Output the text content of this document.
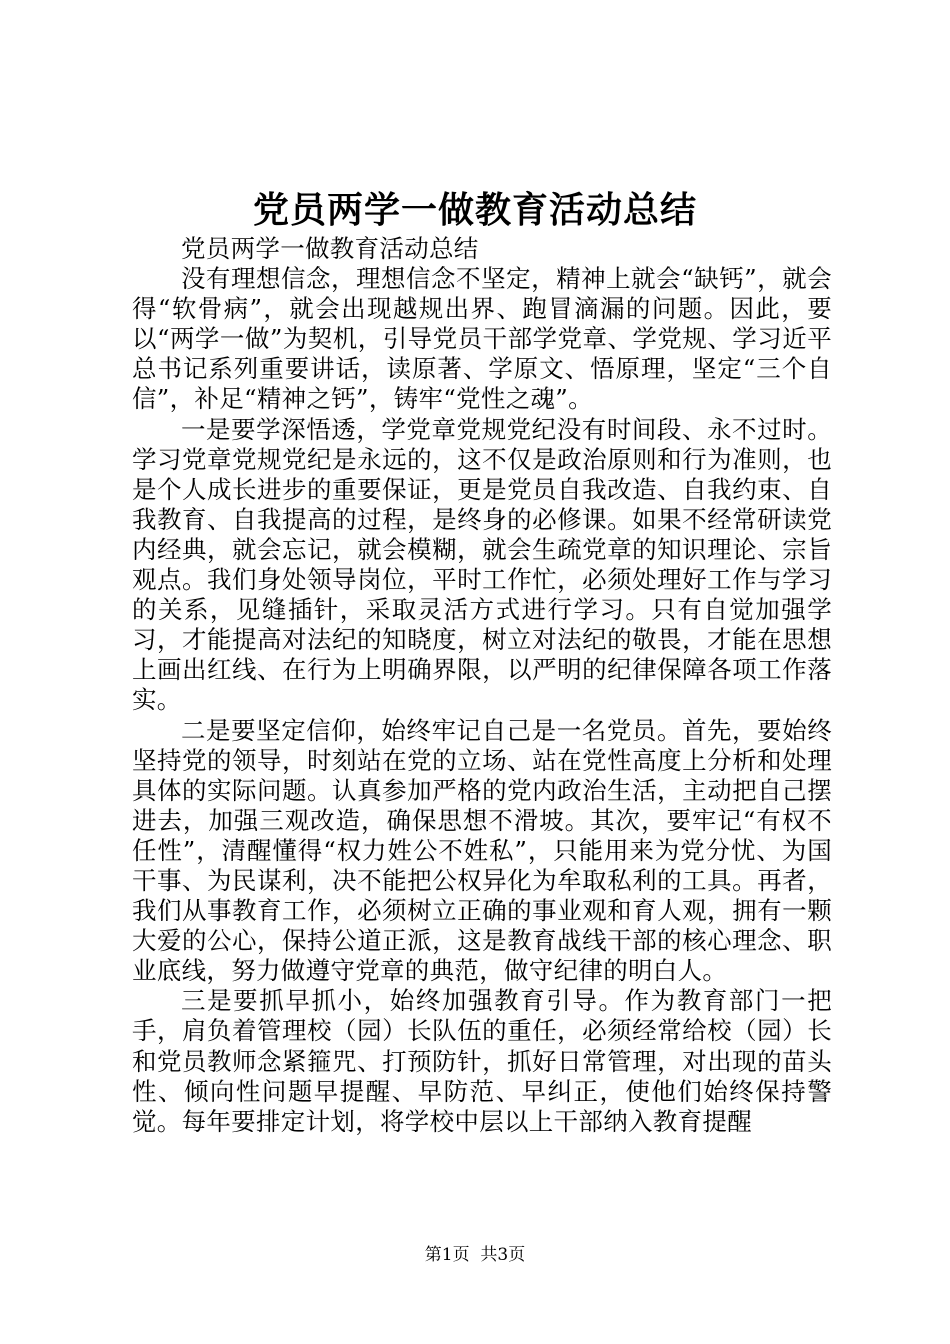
党员两学一做教育活动总结

党员两学一做教育活动总结

没有理想信念，理想信念不坚定，精神上就会“缺钙”，就会得“软骨病”，就会出现越规出界、跑冒滴漏的问题。因此，要以“两学一做”为契机，引导党员干部学党章、学党规、学习近平总书记系列重要讲话，读原著、学原文、悟原理，坚定“三个自信”，补足“精神之钙”，铸牢“党性之魂”。

一是要学深悟透，学党章党规党纪没有时间段、永不过时。学习党章党规党纪是永远的，这不仅是政治原则和行为准则，也是个人成长进步的重要保证，更是党员自我改造、自我约束、自我教育、自我提高的过程，是终身的必修课。如果不经常研读党内经典，就会忘记，就会模糊，就会生疏党章的知识理论、宗旨观点。我们身处领导岗位，平时工作忙，必须处理好工作与学习的关系，见缝插针，采取灵活方式进行学习。只有自觉加强学习，才能提高对法纪的知晓度，树立对法纪的敬畏，才能在思想上画出红线、在行为上明确界限，以严明的纪律保障各项工作落实。

二是要坚定信仰，始终牢记自己是一名党员。首先，要始终坚持党的领导，时刻站在党的立场、站在党性高度上分析和处理具体的实际问题。认真参加严格的党内政治生活，主动把自己摆进去，加强三观改造，确保思想不滑坡。其次，要牢记“有权不任性”，清醒懂得“权力姓公不姓私”，只能用来为党分忧、为国干事、为民谋利，决不能把公权异化为牟取私利的工具。再者，我们从事教育工作，必须树立正确的事业观和育人观，拥有一颗大爱的公心，保持公道正派，这是教育战线干部的核心理念、职业底线，努力做遵守党章的典范，做守纪律的明白人。

三是要抓早抓小，始终加强教育引导。作为教育部门一把手，肩负着管理校（园）长队伍的重任，必须经常给校（园）长和党员教师念紧箍咒、打预防针，抓好日常管理，对出现的苗头性、倾向性问题早提醒、早防范、早纠正，使他们始终保持警觉。每年要排定计划，将学校中层以上干部纳入教育提醒

第1页 共3页
